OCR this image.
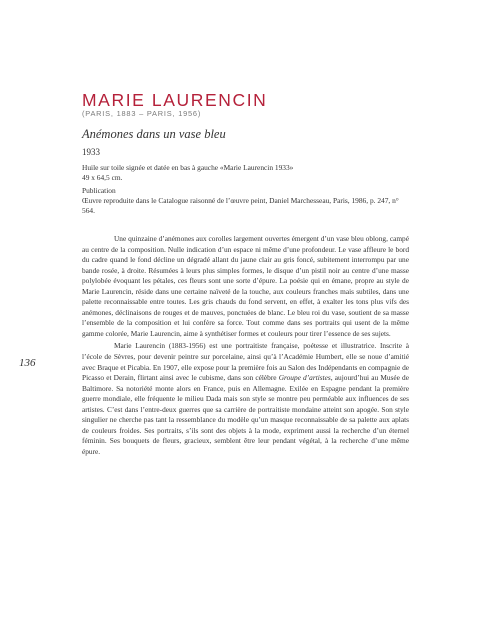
MARIE LAURENCIN
(PARIS, 1883 – PARIS, 1956)
Anémones dans un vase bleu
1933
Huile sur toile signée et datée en bas à gauche «Marie Laurencin 1933»
49 x 64,5 cm.
Publication
Œuvre reproduite dans le Catalogue raisonné de l’œuvre peint, Daniel Marchesseau, Paris, 1986, p. 247, n° 564.
136

Une quinzaine d’anémones aux corolles largement ouvertes émergent d’un vase bleu oblong, campé au centre de la composition. Nulle indication d’un espace ni même d’une profondeur. Le vase affleure le bord du cadre quand le fond décline un dégradé allant du jaune clair au gris foncé, subitement interrompu par une bande rosée, à droite. Résumées à leurs plus simples formes, le disque d’un pistil noir au centre d’une masse polylobée évoquant les pétales, ces fleurs sont une sorte d’épure. La poésie qui en émane, propre au style de Marie Laurencin, réside dans une certaine naïveté de la touche, aux couleurs franches mais subtiles, dans une palette reconnaissable entre toutes. Les gris chauds du fond servent, en effet, à exalter les tons plus vifs des anémones, déclinaisons de rouges et de mauves, ponctuées de blanc. Le bleu roi du vase, soutient de sa masse l’ensemble de la composition et lui confère sa force. Tout comme dans ses portraits qui usent de la même gamme colorée, Marie Laurencin, aime à synthétiser formes et couleurs pour tirer l’essence de ses sujets.

Marie Laurencin (1883-1956) est une portraitiste française, poétesse et illustratrice. Inscrite à l’école de Sèvres, pour devenir peintre sur porcelaine, ainsi qu’à l’Académie Humbert, elle se noue d’amitié avec Braque et Picabia. En 1907, elle expose pour la première fois au Salon des Indépendants en compagnie de Picasso et Derain, flirtant ainsi avec le cubisme, dans son célèbre Groupe d’artistes, aujourd’hui au Musée de Baltimore. Sa notoriété monte alors en France, puis en Allemagne. Exilée en Espagne pendant la première guerre mondiale, elle fréquente le milieu Dada mais son style se montre peu perméable aux influences de ses artistes. C’est dans l’entre-deux guerres que sa carrière de portraitiste mondaine atteint son apogée. Son style singulier ne cherche pas tant la ressemblance du modèle qu’un masque reconnaissable de sa palette aux aplats de couleurs froides. Ses portraits, s’ils sont des objets à la mode, expriment aussi la recherche d’un éternel féminin. Ses bouquets de fleurs, gracieux, semblent être leur pendant végétal, à la recherche d’une même épure.
